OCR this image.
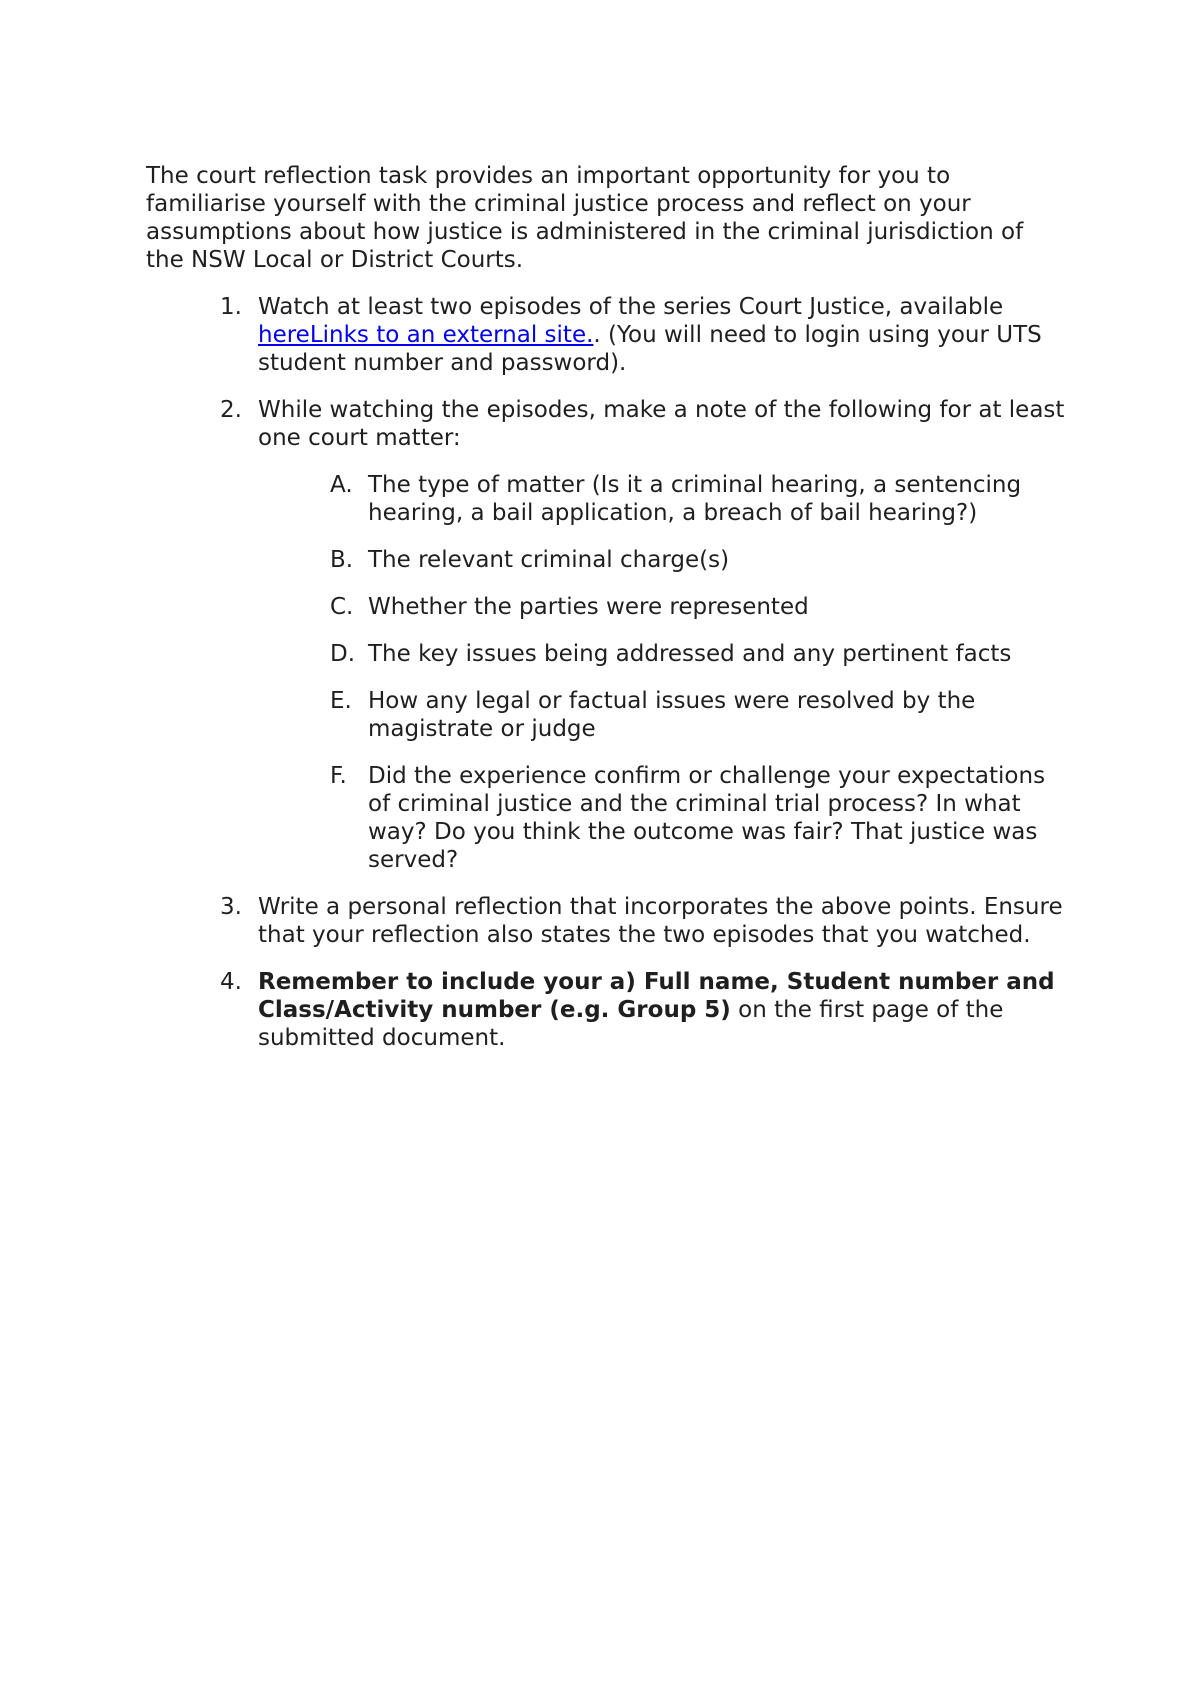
The court reflection task provides an important opportunity for you to familiarise yourself with the criminal justice process and reflect on your assumptions about how justice is administered in the criminal jurisdiction of the NSW Local or District Courts.

1. Watch at least two episodes of the series Court Justice, available hereLinks to an external site.. (You will need to login using your UTS student number and password).
2. While watching the episodes, make a note of the following for at least one court matter:
A. The type of matter (Is it a criminal hearing, a sentencing hearing, a bail application, a breach of bail hearing?)
B. The relevant criminal charge(s)
C. Whether the parties were represented
D. The key issues being addressed and any pertinent facts
E. How any legal or factual issues were resolved by the magistrate or judge
F. Did the experience confirm or challenge your expectations of criminal justice and the criminal trial process? In what way? Do you think the outcome was fair? That justice was served?
3. Write a personal reflection that incorporates the above points. Ensure that your reflection also states the two episodes that you watched.
4. Remember to include your a) Full name, Student number and Class/Activity number (e.g. Group 5) on the first page of the submitted document.
